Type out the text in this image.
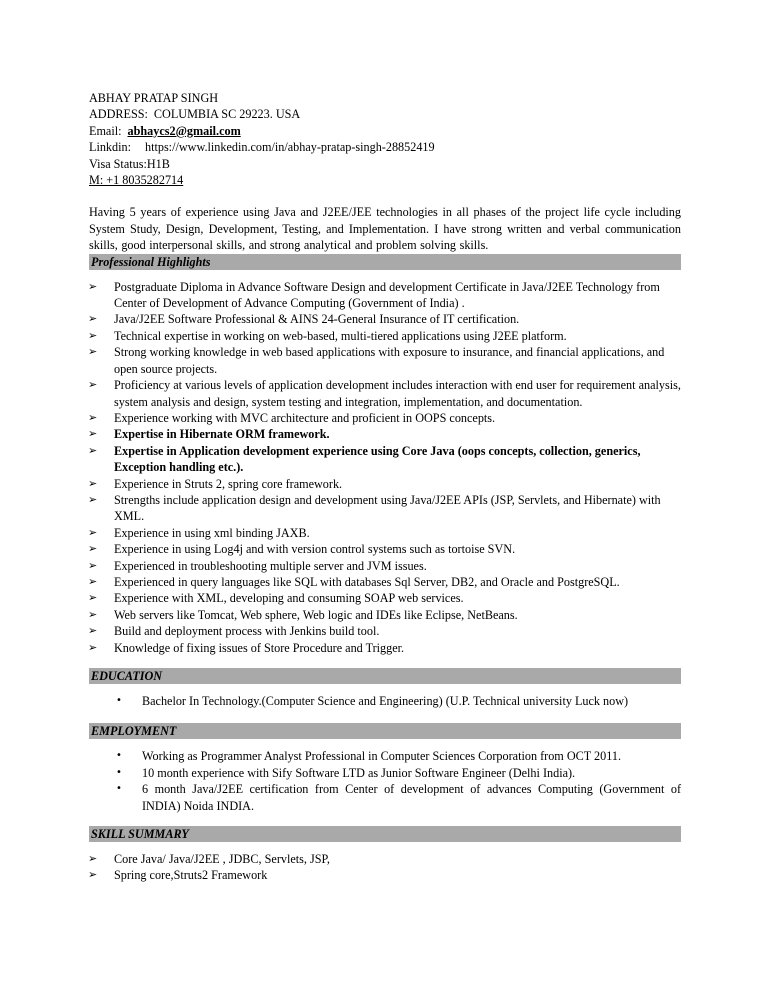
ABHAY PRATAP SINGH
ADDRESS: COLUMBIA SC 29223. USA
Email: abhaycs2@gmail.com
Linkdin: https://www.linkedin.com/in/abhay-pratap-singh-28852419
Visa Status:H1B
M: +1 8035282714
Having 5 years of experience using Java and J2EE/JEE technologies in all phases of the project life cycle including System Study, Design, Development, Testing, and Implementation. I have strong written and verbal communication skills, good interpersonal skills, and strong analytical and problem solving skills.
Professional Highlights
➢ Postgraduate Diploma in Advance Software Design and development Certificate in Java/J2EE Technology from Center of Development of Advance Computing (Government of India) .
➢ Java/J2EE Software Professional & AINS 24-General Insurance of IT certification.
➢ Technical expertise in working on web-based, multi-tiered applications using J2EE platform.
➢ Strong working knowledge in web based applications with exposure to insurance, and financial applications, and open source projects.
➢ Proficiency at various levels of application development includes interaction with end user for requirement analysis, system analysis and design, system testing and integration, implementation, and documentation.
➢ Experience working with MVC architecture and proficient in OOPS concepts.
➢ Expertise in Hibernate ORM framework.
➢ Expertise in Application development experience using Core Java (oops concepts, collection, generics, Exception handling etc.).
➢ Experience in Struts 2, spring core framework.
➢ Strengths include application design and development using Java/J2EE APIs (JSP, Servlets, and Hibernate) with XML.
➢ Experience in using xml binding JAXB.
➢ Experience in using Log4j and with version control systems such as tortoise SVN.
➢ Experienced in troubleshooting multiple server and JVM issues.
➢ Experienced in query languages like SQL with databases Sql Server, DB2, and Oracle and PostgreSQL.
➢ Experience with XML, developing and consuming SOAP web services.
➢ Web servers like Tomcat, Web sphere, Web logic and IDEs like Eclipse, NetBeans.
➢ Build and deployment process with Jenkins build tool.
➢ Knowledge of fixing issues of Store Procedure and Trigger.
EDUCATION
• Bachelor In Technology.(Computer Science and Engineering) (U.P. Technical university Luck now)
EMPLOYMENT
• Working as Programmer Analyst Professional in Computer Sciences Corporation from OCT 2011.
• 10 month experience with Sify Software LTD as Junior Software Engineer (Delhi India).
• 6 month Java/J2EE certification from Center of development of advances Computing (Government of INDIA) Noida INDIA.
SKILL SUMMARY
➢ Core Java/ Java/J2EE , JDBC, Servlets, JSP,
➢ Spring core,Struts2 Framework
